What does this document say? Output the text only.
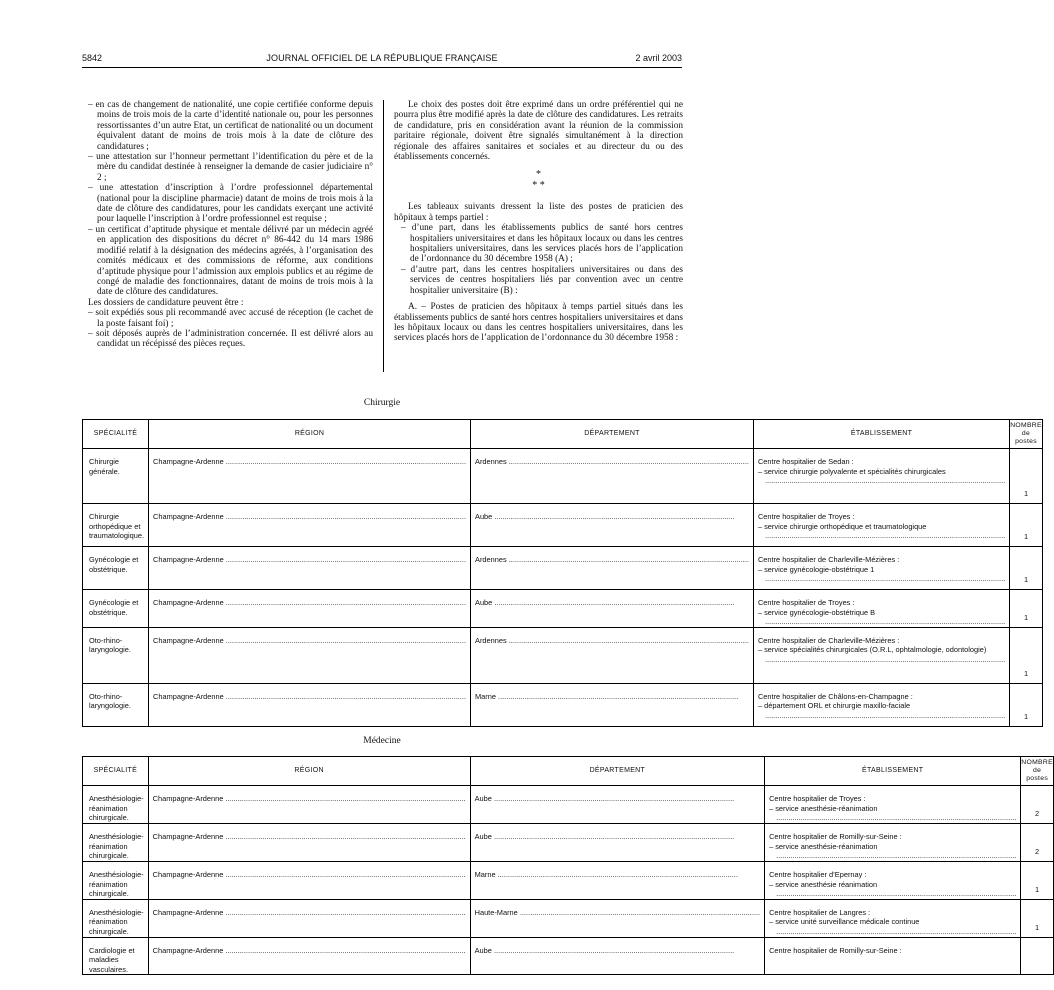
5842	JOURNAL OFFICIEL DE LA RÉPUBLIQUE FRANÇAISE	2 avril 2003

– en cas de changement de nationalité, une copie certifiée conforme depuis moins de trois mois de la carte d’identité nationale ou, pour les personnes ressortissantes d’un autre Etat, un certificat de nationalité ou un document équivalent datant de moins de trois mois à la date de clôture des candidatures ;

– une attestation sur l’honneur permettant l’identification du père et de la mère du candidat destinée à renseigner la demande de casier judiciaire n° 2 ;

– une attestation d’inscription à l’ordre professionnel départemental (national pour la discipline pharmacie) datant de moins de trois mois à la date de clôture des candidatures, pour les candidats exerçant une activité pour laquelle l’inscription à l’ordre professionnel est requise ;

– un certificat d’aptitude physique et mentale délivré par un médecin agréé en application des dispositions du décret n° 86-442 du 14 mars 1986 modifié relatif à la désignation des médecins agréés, à l’organisation des comités médicaux et des commissions de réforme, aux conditions d’aptitude physique pour l’admission aux emplois publics et au régime de congé de maladie des fonctionnaires, datant de moins de trois mois à la date de clôture des candidatures.

Les dossiers de candidature peuvent être :

– soit expédiés sous pli recommandé avec accusé de réception (le cachet de la poste faisant foi) ;

– soit déposés auprès de l’administration concernée. Il est délivré alors au candidat un récépissé des pièces reçues.

Le choix des postes doit être exprimé dans un ordre préférentiel qui ne pourra plus être modifié après la date de clôture des candidatures. Les retraits de candidature, pris en considération avant la réunion de la commission paritaire régionale, doivent être signalés simultanément à la direction régionale des affaires sanitaires et sociales et au directeur du ou des établissements concernés.

*
* *

Les tableaux suivants dressent la liste des postes de praticien des hôpitaux à temps partiel :

– d’une part, dans les établissements publics de santé hors centres hospitaliers universitaires et dans les hôpitaux locaux ou dans les centres hospitaliers universitaires, dans les services placés hors de l’application de l’ordonnance du 30 décembre 1958 (A) ;

– d’autre part, dans les centres hospitaliers universitaires ou dans des services de centres hospitaliers liés par convention avec un centre hospitalier universitaire (B) :

A. – Postes de praticien des hôpitaux à temps partiel situés dans les établissements publics de santé hors centres hospitaliers universitaires et dans les hôpitaux locaux ou dans les centres hospitaliers universitaires, dans les services placés hors de l’application de l’ordonnance du 30 décembre 1958 :

Chirurgie
SPÉCIALITÉ	RÉGION	DÉPARTEMENT	ÉTABLISSEMENT	NOMBRE
de postes

Chirurgie générale.	Champagne-Ardenne .....	Ardennes .....	Centre hospitalier de Sedan :
– service chirurgie polyvalente et spécialités chirurgicales .....	1
Chirurgie orthopédique et traumatologique.	Champagne-Ardenne .....	Aube .....	Centre hospitalier de Troyes :
– service chirurgie orthopédique et traumatologique .....	1
Gynécologie et obstétrique.	Champagne-Ardenne .....	Ardennes .....	Centre hospitalier de Charleville-Mézières :
– service gynécologie-obstétrique 1 .....	1
Gynécologie et obstétrique.	Champagne-Ardenne .....	Aube .....	Centre hospitalier de Troyes :
– service gynécologie-obstétrique B .....	1
Oto-rhino-laryngologie.	Champagne-Ardenne .....	Ardennes .....	Centre hospitalier de Charleville-Mézières :
– service spécialités chirurgicales (O.R.L, ophtalmologie, odontologie) .....	1
Oto-rhino-laryngologie.	Champagne-Ardenne .....	Marne .....	Centre hospitalier de Châlons-en-Champagne :
– département ORL et chirurgie maxillo-faciale .....	1
Médecine
SPÉCIALITÉ	RÉGION	DÉPARTEMENT	ÉTABLISSEMENT	NOMBRE
de postes

Anesthésiologie-réanimation chirurgicale.	Champagne-Ardenne .....	Aube .....	Centre hospitalier de Troyes :
– service anesthésie-réanimation .....	2
Anesthésiologie-réanimation chirurgicale.	Champagne-Ardenne .....	Aube .....	Centre hospitalier de Romilly-sur-Seine :
– service anesthésie-réanimation .....	2
Anesthésiologie-réanimation chirurgicale.	Champagne-Ardenne .....	Marne .....	Centre hospitalier d’Epernay :
– service anesthésie réanimation .....	1
Anesthésiologie-réanimation chirurgicale.	Champagne-Ardenne .....	Haute-Marne .....	Centre hospitalier de Langres :
– service unité surveillance médicale continue .....	1
Cardiologie et maladies vasculaires.	Champagne-Ardenne .....	Aube .....	Centre hospitalier de Romilly-sur-Seine :	
